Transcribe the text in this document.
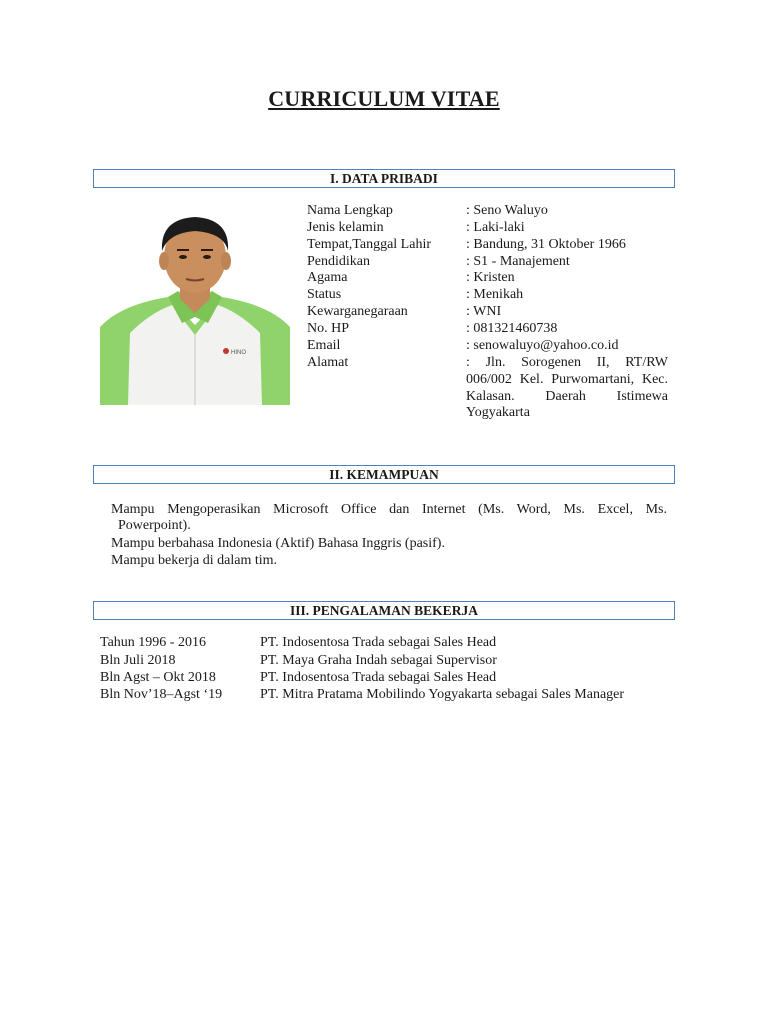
CURRICULUM VITAE
I. DATA PRIBADI
HINO
Nama Lengkap	: Seno Waluyo
Jenis kelamin	: Laki-laki
Tempat,Tanggal Lahir	: Bandung, 31 Oktober 1966
Pendidikan	: S1 - Manajement
Agama	: Kristen
Status	: Menikah
Kewarganegaraan	: WNI
No. HP	: 081321460738
Email	: senowaluyo@yahoo.co.id
Alamat	: Jln. Sorogenen II, RT/RW 006/002 Kel. Purwomartani, Kec. Kalasan. Daerah Istimewa Yogyakarta
II. KEMAMPUAN
Mampu Mengoperasikan Microsoft Office dan Internet (Ms. Word, Ms. Excel, Ms.
Powerpoint).
Mampu berbahasa Indonesia (Aktif) Bahasa Inggris (pasif).
Mampu bekerja di dalam tim.
III. PENGALAMAN BEKERJA
Tahun 1996 - 2016	PT. Indosentosa Trada sebagai Sales Head
Bln Juli 2018	PT. Maya Graha Indah sebagai Supervisor
Bln Agst – Okt 2018	PT. Indosentosa Trada sebagai Sales Head
Bln Nov’18–Agst ‘19	PT. Mitra Pratama Mobilindo Yogyakarta sebagai Sales Manager
